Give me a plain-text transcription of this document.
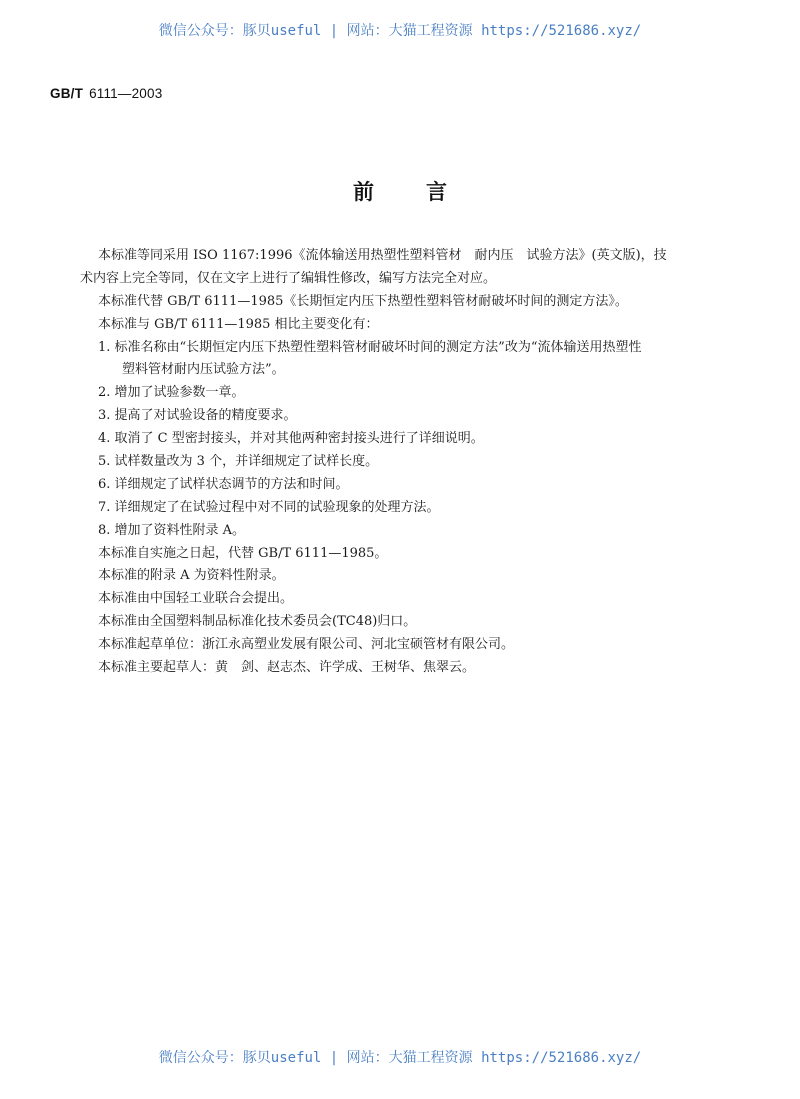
微信公众号：豚贝useful | 网站：大猫工程资源 https://521686.xyz/
GB/T 6111—2003
前言
本标准等同采用 ISO 1167:1996《流体输送用热塑性塑料管材　耐内压　试验方法》(英文版)，技
术内容上完全等同，仅在文字上进行了编辑性修改，编写方法完全对应。
本标准代替 GB/T 6111—1985《长期恒定内压下热塑性塑料管材耐破坏时间的测定方法》。
本标准与 GB/T 6111—1985 相比主要变化有：
1. 标准名称由“长期恒定内压下热塑性塑料管材耐破坏时间的测定方法”改为“流体输送用热塑性
塑料管材耐内压试验方法”。
2. 增加了试验参数一章。
3. 提高了对试验设备的精度要求。
4. 取消了 C 型密封接头，并对其他两种密封接头进行了详细说明。
5. 试样数量改为 3 个，并详细规定了试样长度。
6. 详细规定了试样状态调节的方法和时间。
7. 详细规定了在试验过程中对不同的试验现象的处理方法。
8. 增加了资料性附录 A。
本标准自实施之日起，代替 GB/T 6111—1985。
本标准的附录 A 为资料性附录。
本标准由中国轻工业联合会提出。
本标准由全国塑料制品标准化技术委员会(TC48)归口。
本标准起草单位：浙江永高塑业发展有限公司、河北宝硕管材有限公司。
本标准主要起草人：黄　剑、赵志杰、许学成、王树华、焦翠云。
微信公众号：豚贝useful | 网站：大猫工程资源 https://521686.xyz/
